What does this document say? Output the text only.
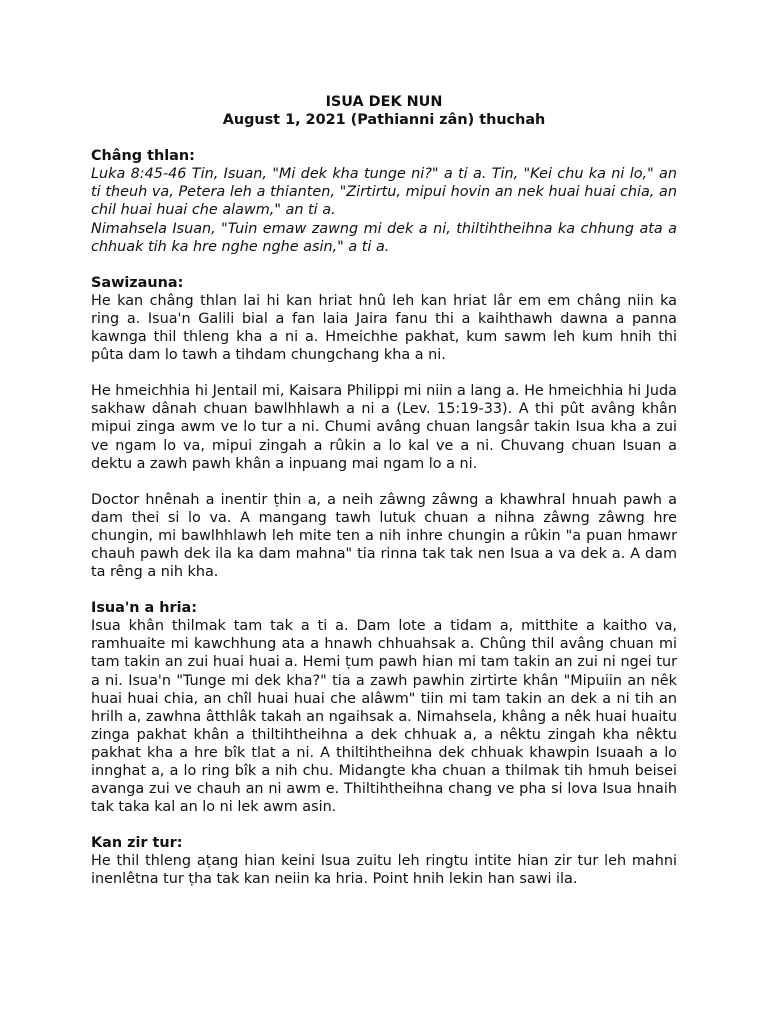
ISUA DEK NUN
August 1, 2021 (Pathianni zân) thuchah
Châng thlan:

Luka 8:45-46 Tin, Isuan, "Mi dek kha tunge ni?" a ti a. Tin, "Kei chu ka ni lo," an ti theuh va, Petera leh a thianten, "Zirtirtu, mipui hovin an nek huai huai chia, an chil huai huai che alawm," an ti a.

Nimahsela Isuan, "Tuin emaw zawng mi dek a ni, thiltihtheihna ka chhung ata a chhuak tih ka hre nghe nghe asin," a ti a.

Sawizauna:

He kan châng thlan lai hi kan hriat hnû leh kan hriat lâr em em châng niin ka ring a. Isua'n Galili bial a fan laia Jaira fanu thi a kaihthawh dawna a panna kawnga thil thleng kha a ni a. Hmeichhe pakhat, kum sawm leh kum hnih thi pûta dam lo tawh a tihdam chungchang kha a ni.

He hmeichhia hi Jentail mi, Kaisara Philippi mi niin a lang a. He hmeichhia hi Juda sakhaw dânah chuan bawlhhlawh a ni a (Lev. 15:19-33). A thi pût avâng khân mipui zinga awm ve lo tur a ni. Chumi avâng chuan langsâr takin Isua kha a zui ve ngam lo va, mipui zingah a rûkin a lo kal ve a ni. Chuvang chuan Isuan a dektu a zawh pawh khân a inpuang mai ngam lo a ni.

Doctor hnênah a inentir ṭhin a, a neih zâwng zâwng a khawhral hnuah pawh a dam thei si lo va. A mangang tawh lutuk chuan a nihna zâwng zâwng hre chungin, mi bawlhhlawh leh mite ten a nih inhre chungin a rûkin "a puan hmawr chauh pawh dek ila ka dam mahna" tia rinna tak tak nen Isua a va dek a. A dam ta rêng a nih kha.

Isua'n a hria:

Isua khân thilmak tam tak a ti a. Dam lote a tidam a, mitthite a kaitho va, ramhuaite mi kawchhung ata a hnawh chhuahsak a. Chûng thil avâng chuan mi tam takin an zui huai huai a. Hemi ṭum pawh hian mi tam takin an zui ni ngei tur a ni. Isua'n "Tunge mi dek kha?" tia a zawh pawhin zirtirte khân "Mipuiin an nêk huai huai chia, an chîl huai huai che alâwm" tiin mi tam takin an dek a ni tih an hrilh a, zawhna âtthlâk takah an ngaihsak a. Nimahsela, khâng a nêk huai huaitu zinga pakhat khân a thiltihtheihna a dek chhuak a, a nêktu zingah kha nêktu pakhat kha a hre bîk tlat a ni. A thiltihtheihna dek chhuak khawpin Isuaah a lo innghat a, a lo ring bîk a nih chu. Midangte kha chuan a thilmak tih hmuh beisei avanga zui ve chauh an ni awm e. Thiltihtheihna chang ve pha si lova Isua hnaih tak taka kal an lo ni lek awm asin.

Kan zir tur:

He thil thleng aṭang hian keini Isua zuitu leh ringtu intite hian zir tur leh mahni inenlêtna tur ṭha tak kan neiin ka hria. Point hnih lekin han sawi ila.
